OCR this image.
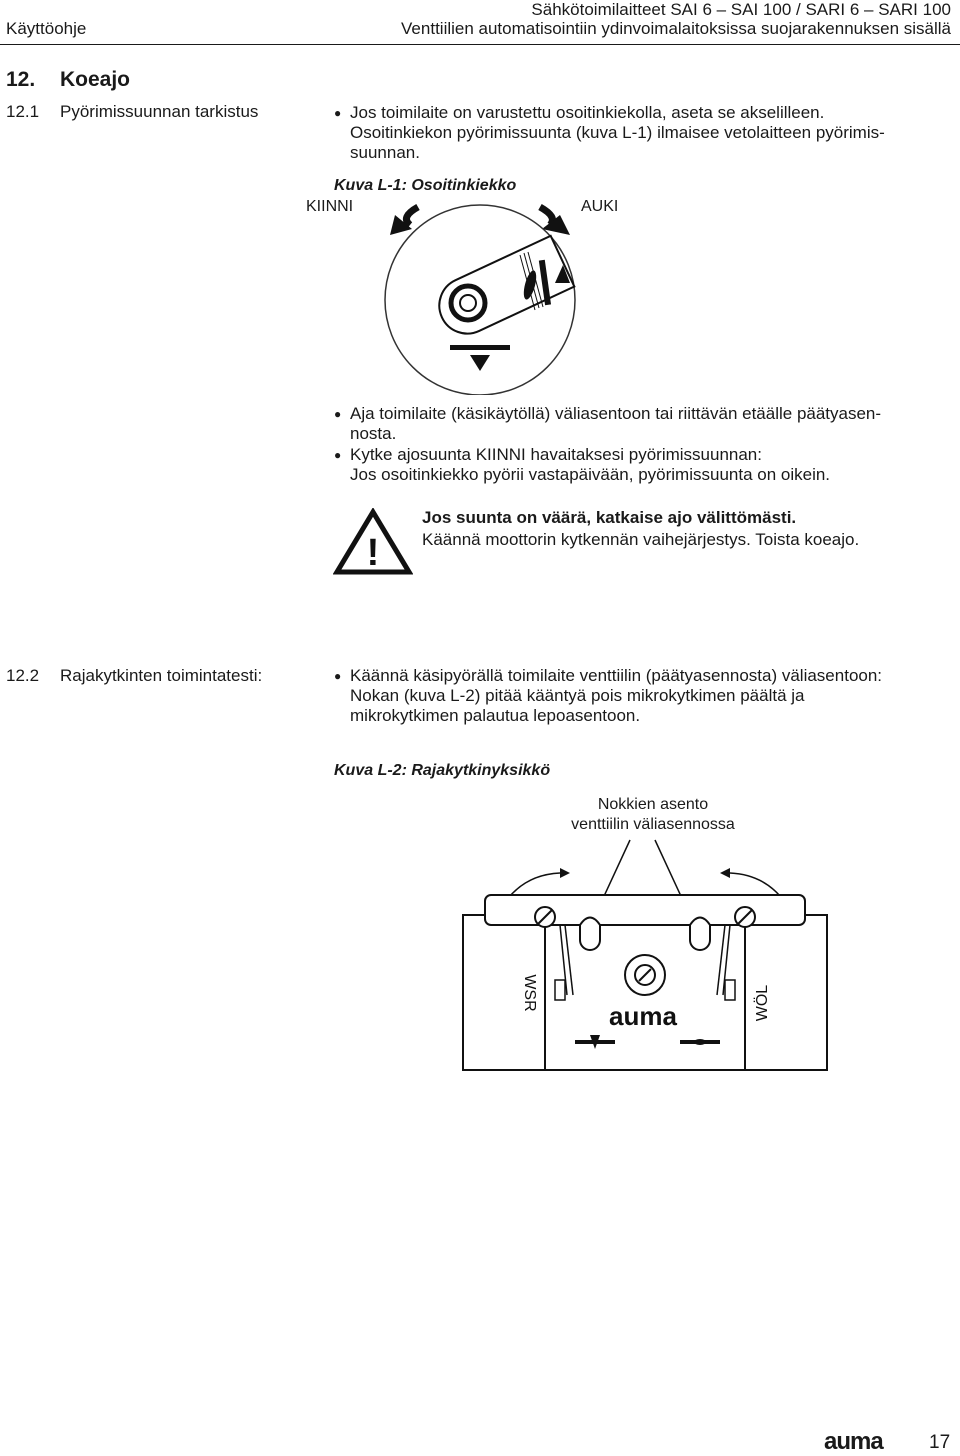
Käyttöohje
Sähkötoimilaitteet SAI 6 – SAI 100 / SARI 6 – SARI 100
Venttiilien automatisointiin ydinvoimalaitoksissa suojarakennuksen sisällä
12. Koeajo
12.1 Pyörimissuunnan tarkistus	● Jos toimilaite on varustettu osoitinkiekolla, aseta se akselilleen.
Osoitinkiekon pyörimissuunta (kuva L-1) ilmaisee vetolaitteen pyörimis-
suunnan.
Kuva L-1: Osoitinkiekko
KIINNI	AUKI
● Aja toimilaite (käsikäytöllä) väliasentoon tai riittävän etäälle päätyasen-
nosta.
● Kytke ajosuunta KIINNI havaitaksesi pyörimissuunnan:
Jos osoitinkiekko pyörii vastapäivään, pyörimissuunta on oikein.
!
Jos suunta on väärä, katkaise ajo välittömästi.
Käännä moottorin kytkennän vaihejärjestys. Toista koeajo.
12.2 Rajakytkinten toimintatesti:	● Käännä käsipyörällä toimilaite venttiilin (päätyasennosta) väliasentoon:
Nokan (kuva L-2) pitää kääntyä pois mikrokytkimen päältä ja
mikrokytkimen palautua lepoasentoon.
Kuva L-2: Rajakytkinyksikkö
Nokkien asento
venttiilin väliasennossa
WSR	WÖL
auma
auma 17
